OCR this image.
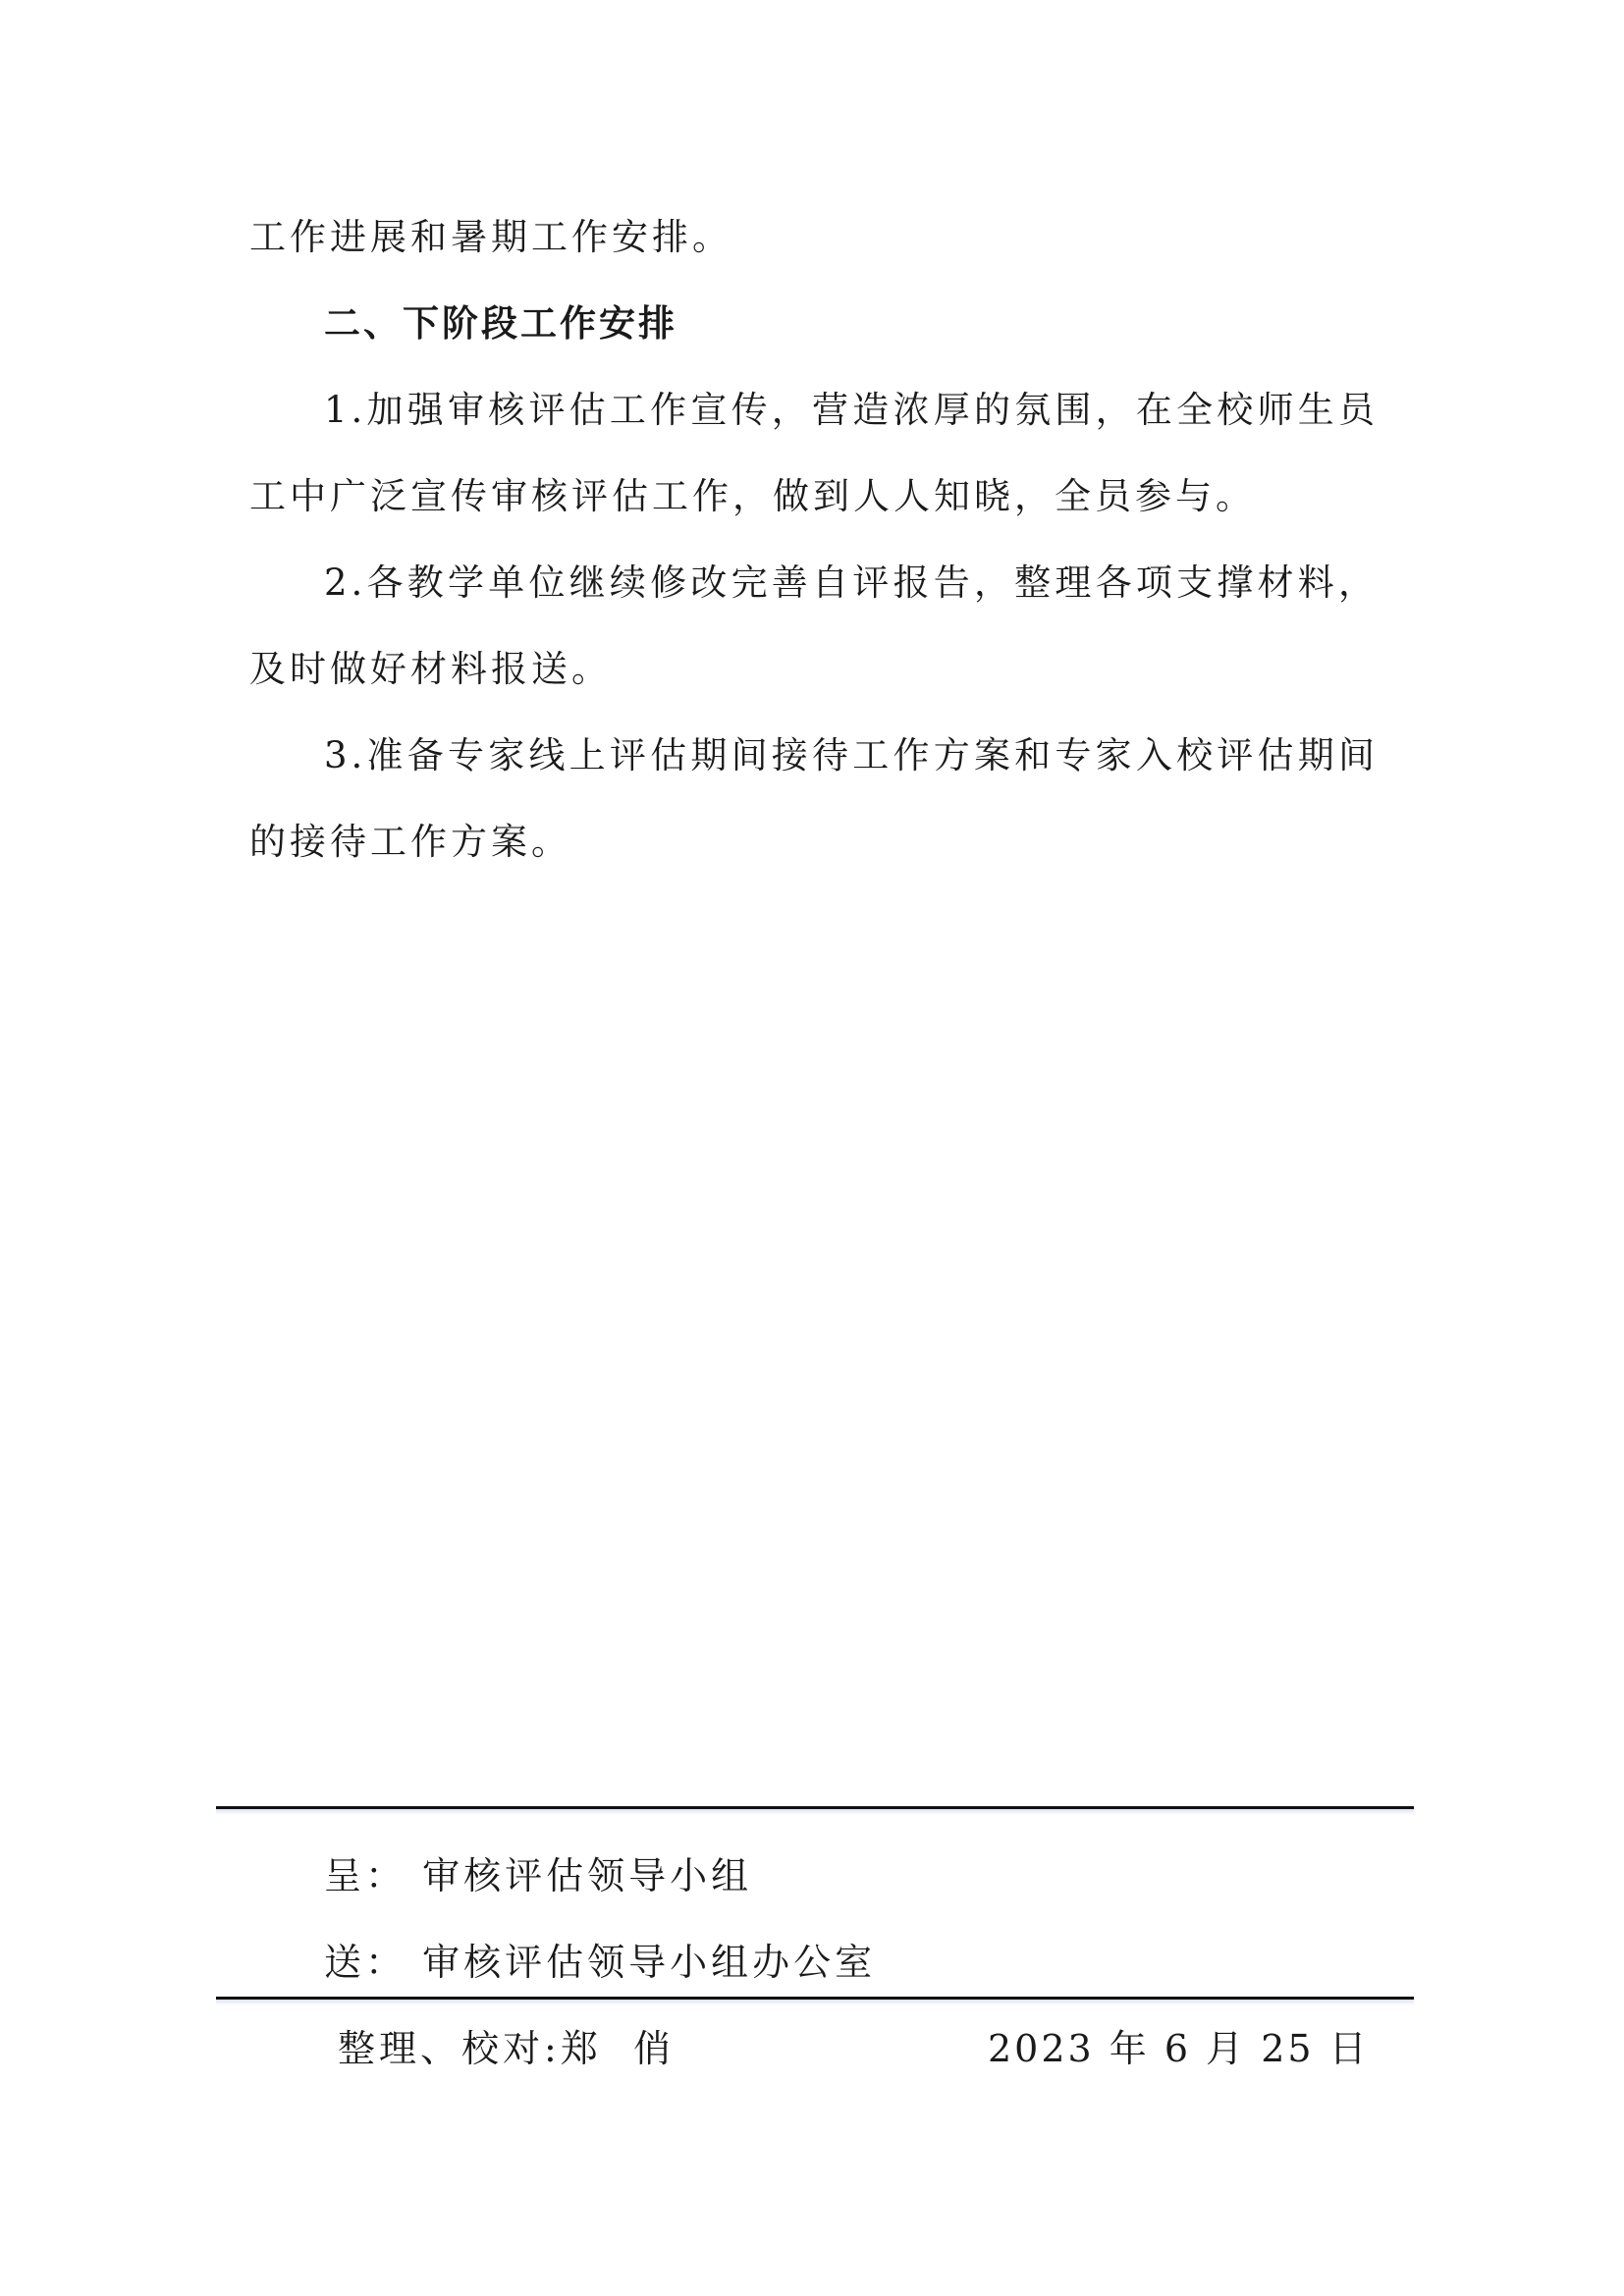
工作进展和暑期工作安排。

二、下阶段工作安排

1.加强审核评估工作宣传，营造浓厚的氛围，在全校师生员工中广泛宣传审核评估工作，做到人人知晓，全员参与。

2.各教学单位继续修改完善自评报告，整理各项支撑材料，及时做好材料报送。

3.准备专家线上评估期间接待工作方案和专家入校评估期间的接待工作方案。

呈： 审核评估领导小组

送： 审核评估领导小组办公室

整理、校对:郑  俏	2023 年 6 月 25 日
